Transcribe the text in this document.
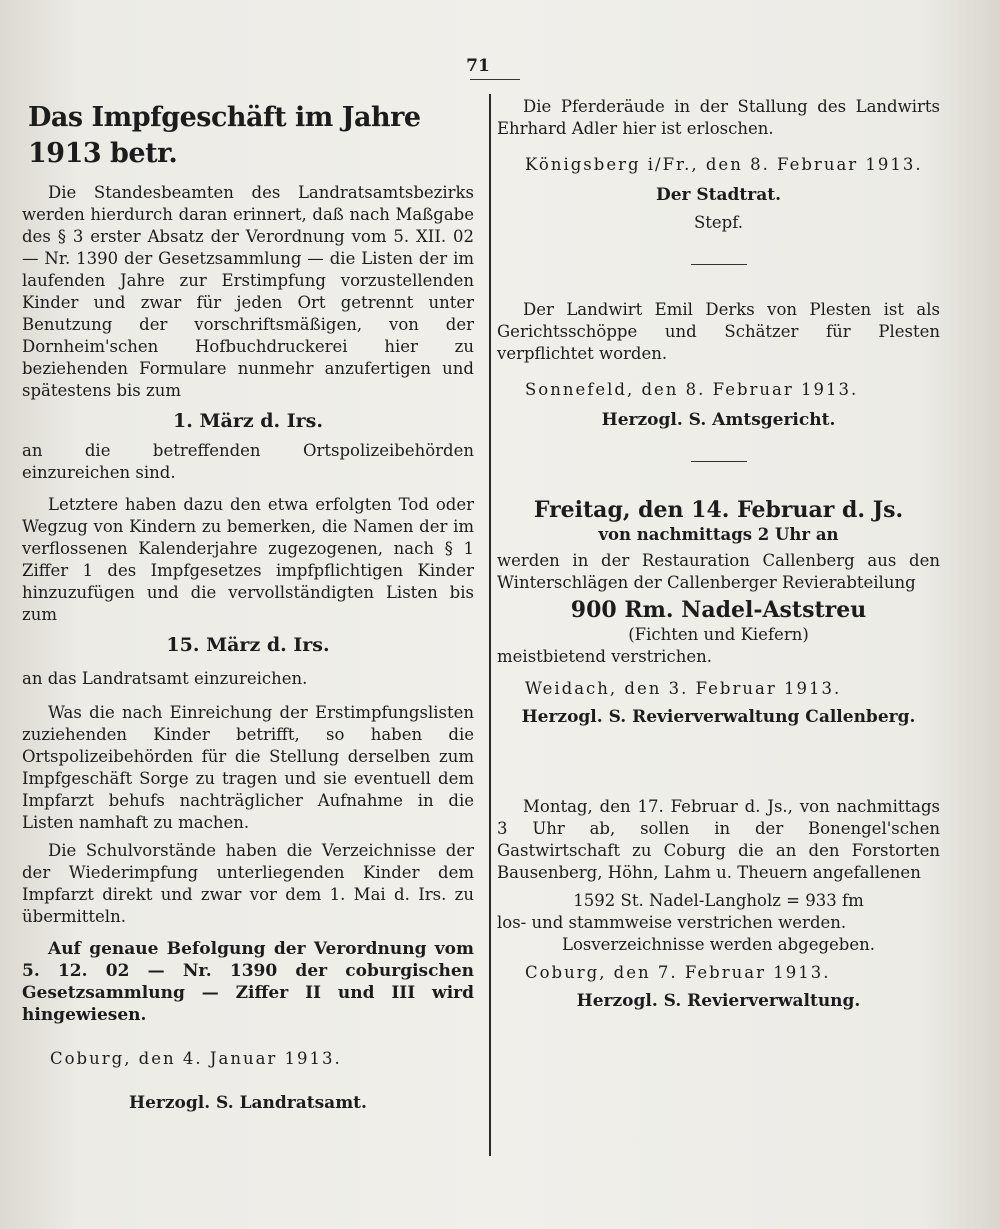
71
Das Impfgeschäft im Jahre 1913 betr.

Die Standesbeamten des Landratsamtsbezirks werden hierdurch daran erinnert, daß nach Maßgabe des § 3 erster Absatz der Verordnung vom 5. XII. 02 — Nr. 1390 der Gesetzsammlung — die Listen der im laufenden Jahre zur Erstimpfung vorzustellenden Kinder und zwar für jeden Ort getrennt unter Benutzung der vorschriftsmäßigen, von der Dornheim'schen Hofbuchdruckerei hier zu beziehenden Formulare nunmehr anzufertigen und spätestens bis zum

1. März d. Irs.

an die betreffenden Ortspolizeibehörden einzureichen sind.

Letztere haben dazu den etwa erfolgten Tod oder Wegzug von Kindern zu bemerken, die Namen der im verflossenen Kalenderjahre zugezogenen, nach § 1 Ziffer 1 des Impfgesetzes impfpflichtigen Kinder hinzuzufügen und die vervollständigten Listen bis zum

15. März d. Irs.

an das Landratsamt einzureichen.

Was die nach Einreichung der Erstimpfungslisten zuziehenden Kinder betrifft, so haben die Ortspolizeibehörden für die Stellung derselben zum Impfgeschäft Sorge zu tragen und sie eventuell dem Impfarzt behufs nachträglicher Aufnahme in die Listen namhaft zu machen.

Die Schulvorstände haben die Verzeichnisse der der Wiederimpfung unterliegenden Kinder dem Impfarzt direkt und zwar vor dem 1. Mai d. Irs. zu übermitteln.

Auf genaue Befolgung der Verordnung vom 5. 12. 02 — Nr. 1390 der coburgischen Gesetzsammlung — Ziffer II und III wird hingewiesen.

Coburg, den 4. Januar 1913.
Herzogl. S. Landratsamt.

Die Pferderäude in der Stallung des Landwirts Ehrhard Adler hier ist erloschen.

Königsberg i/Fr., den 8. Februar 1913.
Der Stadtrat.
Stepf.

Der Landwirt Emil Derks von Plesten ist als Gerichtsschöppe und Schätzer für Plesten verpflichtet worden.

Sonnefeld, den 8. Februar 1913.
Herzogl. S. Amtsgericht.
Freitag, den 14. Februar d. Js.
von nachmittags 2 Uhr an

werden in der Restauration Callenberg aus den Winterschlägen der Callenberger Revierabteilung

900 Rm. Nadel-Aststreu
(Fichten und Kiefern)

meistbietend verstrichen.

Weidach, den 3. Februar 1913.
Herzogl. S. Revierverwaltung Callenberg.

Montag, den 17. Februar d. Js., von nachmittags 3 Uhr ab, sollen in der Bonengel'schen Gastwirtschaft zu Coburg die an den Forstorten Bausenberg, Höhn, Lahm u. Theuern angefallenen

1592 St. Nadel-Langholz = 933 fm

los- und stammweise verstrichen werden.

Losverzeichnisse werden abgegeben.
Coburg, den 7. Februar 1913.
Herzogl. S. Revierverwaltung.
